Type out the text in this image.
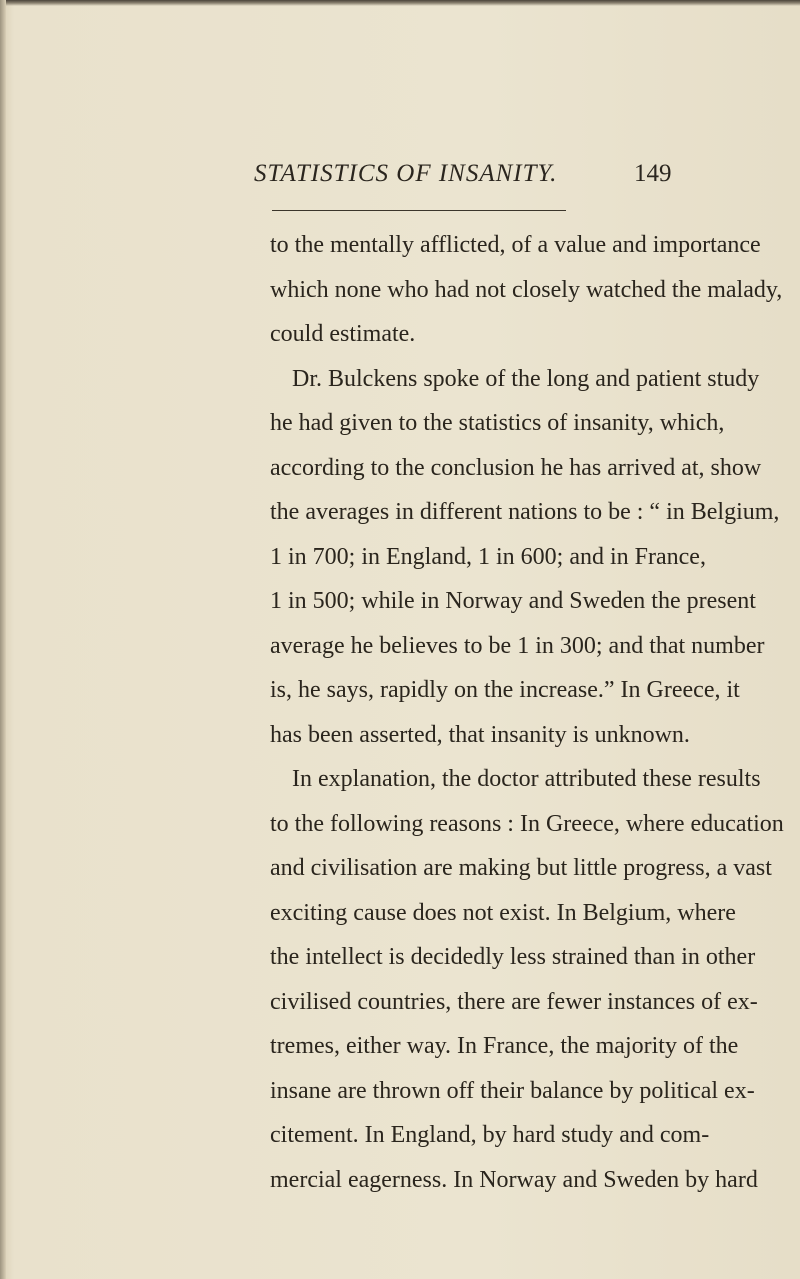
STATISTICS OF INSANITY.	149
to the mentally afflicted, of a value and importance
which none who had not closely watched the malady,
could estimate.
Dr. Bulckens spoke of the long and patient study
he had given to the statistics of insanity, which,
according to the conclusion he has arrived at, show
the averages in different nations to be : “ in Belgium,
1 in 700; in England, 1 in 600; and in France,
1 in 500; while in Norway and Sweden the present
average he believes to be 1 in 300; and that number
is, he says, rapidly on the increase.” In Greece, it
has been asserted, that insanity is unknown.
In explanation, the doctor attributed these results
to the following reasons : In Greece, where education
and civilisation are making but little progress, a vast
exciting cause does not exist. In Belgium, where
the intellect is decidedly less strained than in other
civilised countries, there are fewer instances of ex-
tremes, either way. In France, the majority of the
insane are thrown off their balance by political ex-
citement. In England, by hard study and com-
mercial eagerness. In Norway and Sweden by hard
